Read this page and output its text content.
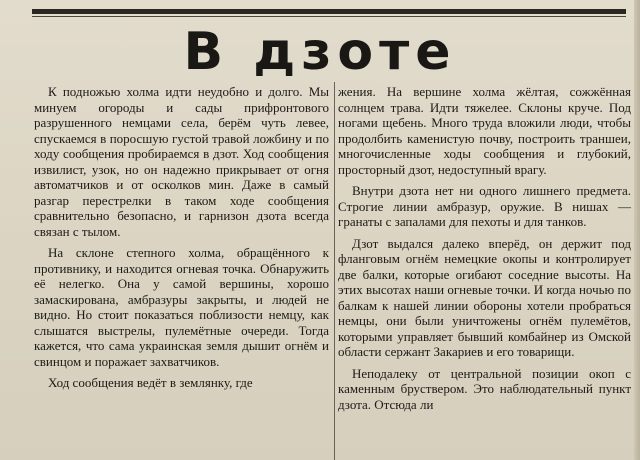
В дзоте

К подножью холма идти неудобно и долго. Мы минуем огороды и сады прифронтового разрушенного немцами села, берём чуть левее, спускаемся в поросшую густой травой ложбину и по ходу сообщения пробираемся в дзот. Ход сообщения извилист, узок, но он надежно прикрывает от огня автоматчиков и от осколков мин. Даже в самый разгар перестрелки в таком ходе сообщения сравнительно безопасно, и гарнизон дзота всегда связан с тылом.

На склоне степного холма, обращённого к противнику, и находится огневая точка. Обнаружить её нелегко. Она у самой вершины, хорошо замаскирована, амбразуры закрыты, и людей не видно. Но стоит показаться поблизости немцу, как слышатся выстрелы, пулемётные очереди. Тогда кажется, что сама украинская земля дышит огнём и свинцом и поражает захватчиков.

Ход сообщения ведёт в землянку, где

жения. На вершине холма жёлтая, сожжённая солнцем трава. Идти тяжелее. Склоны круче. Под ногами щебень. Много труда вложили люди, чтобы продолбить каменистую почву, построить траншеи, многочисленные ходы сообщения и глубокий, просторный дзот, недоступный врагу.

Внутри дзота нет ни одного лишнего предмета. Строгие линии амбразур, оружие. В нишах — гранаты с запалами для пехоты и для танков.

Дзот выдался далеко вперёд, он держит под фланговым огнём немецкие окопы и контролирует две балки, которые огибают соседние высоты. На этих высотах наши огневые точки. И когда ночью по балкам к нашей линии обороны хотели пробраться немцы, они были уничтожены огнём пулемётов, которыми управляет бывший комбайнер из Омской области сержант Закариев и его товарищи.

Неподалеку от центральной позиции окоп с каменным бруствером. Это наблюдательный пункт дзота. Отсюда ли
